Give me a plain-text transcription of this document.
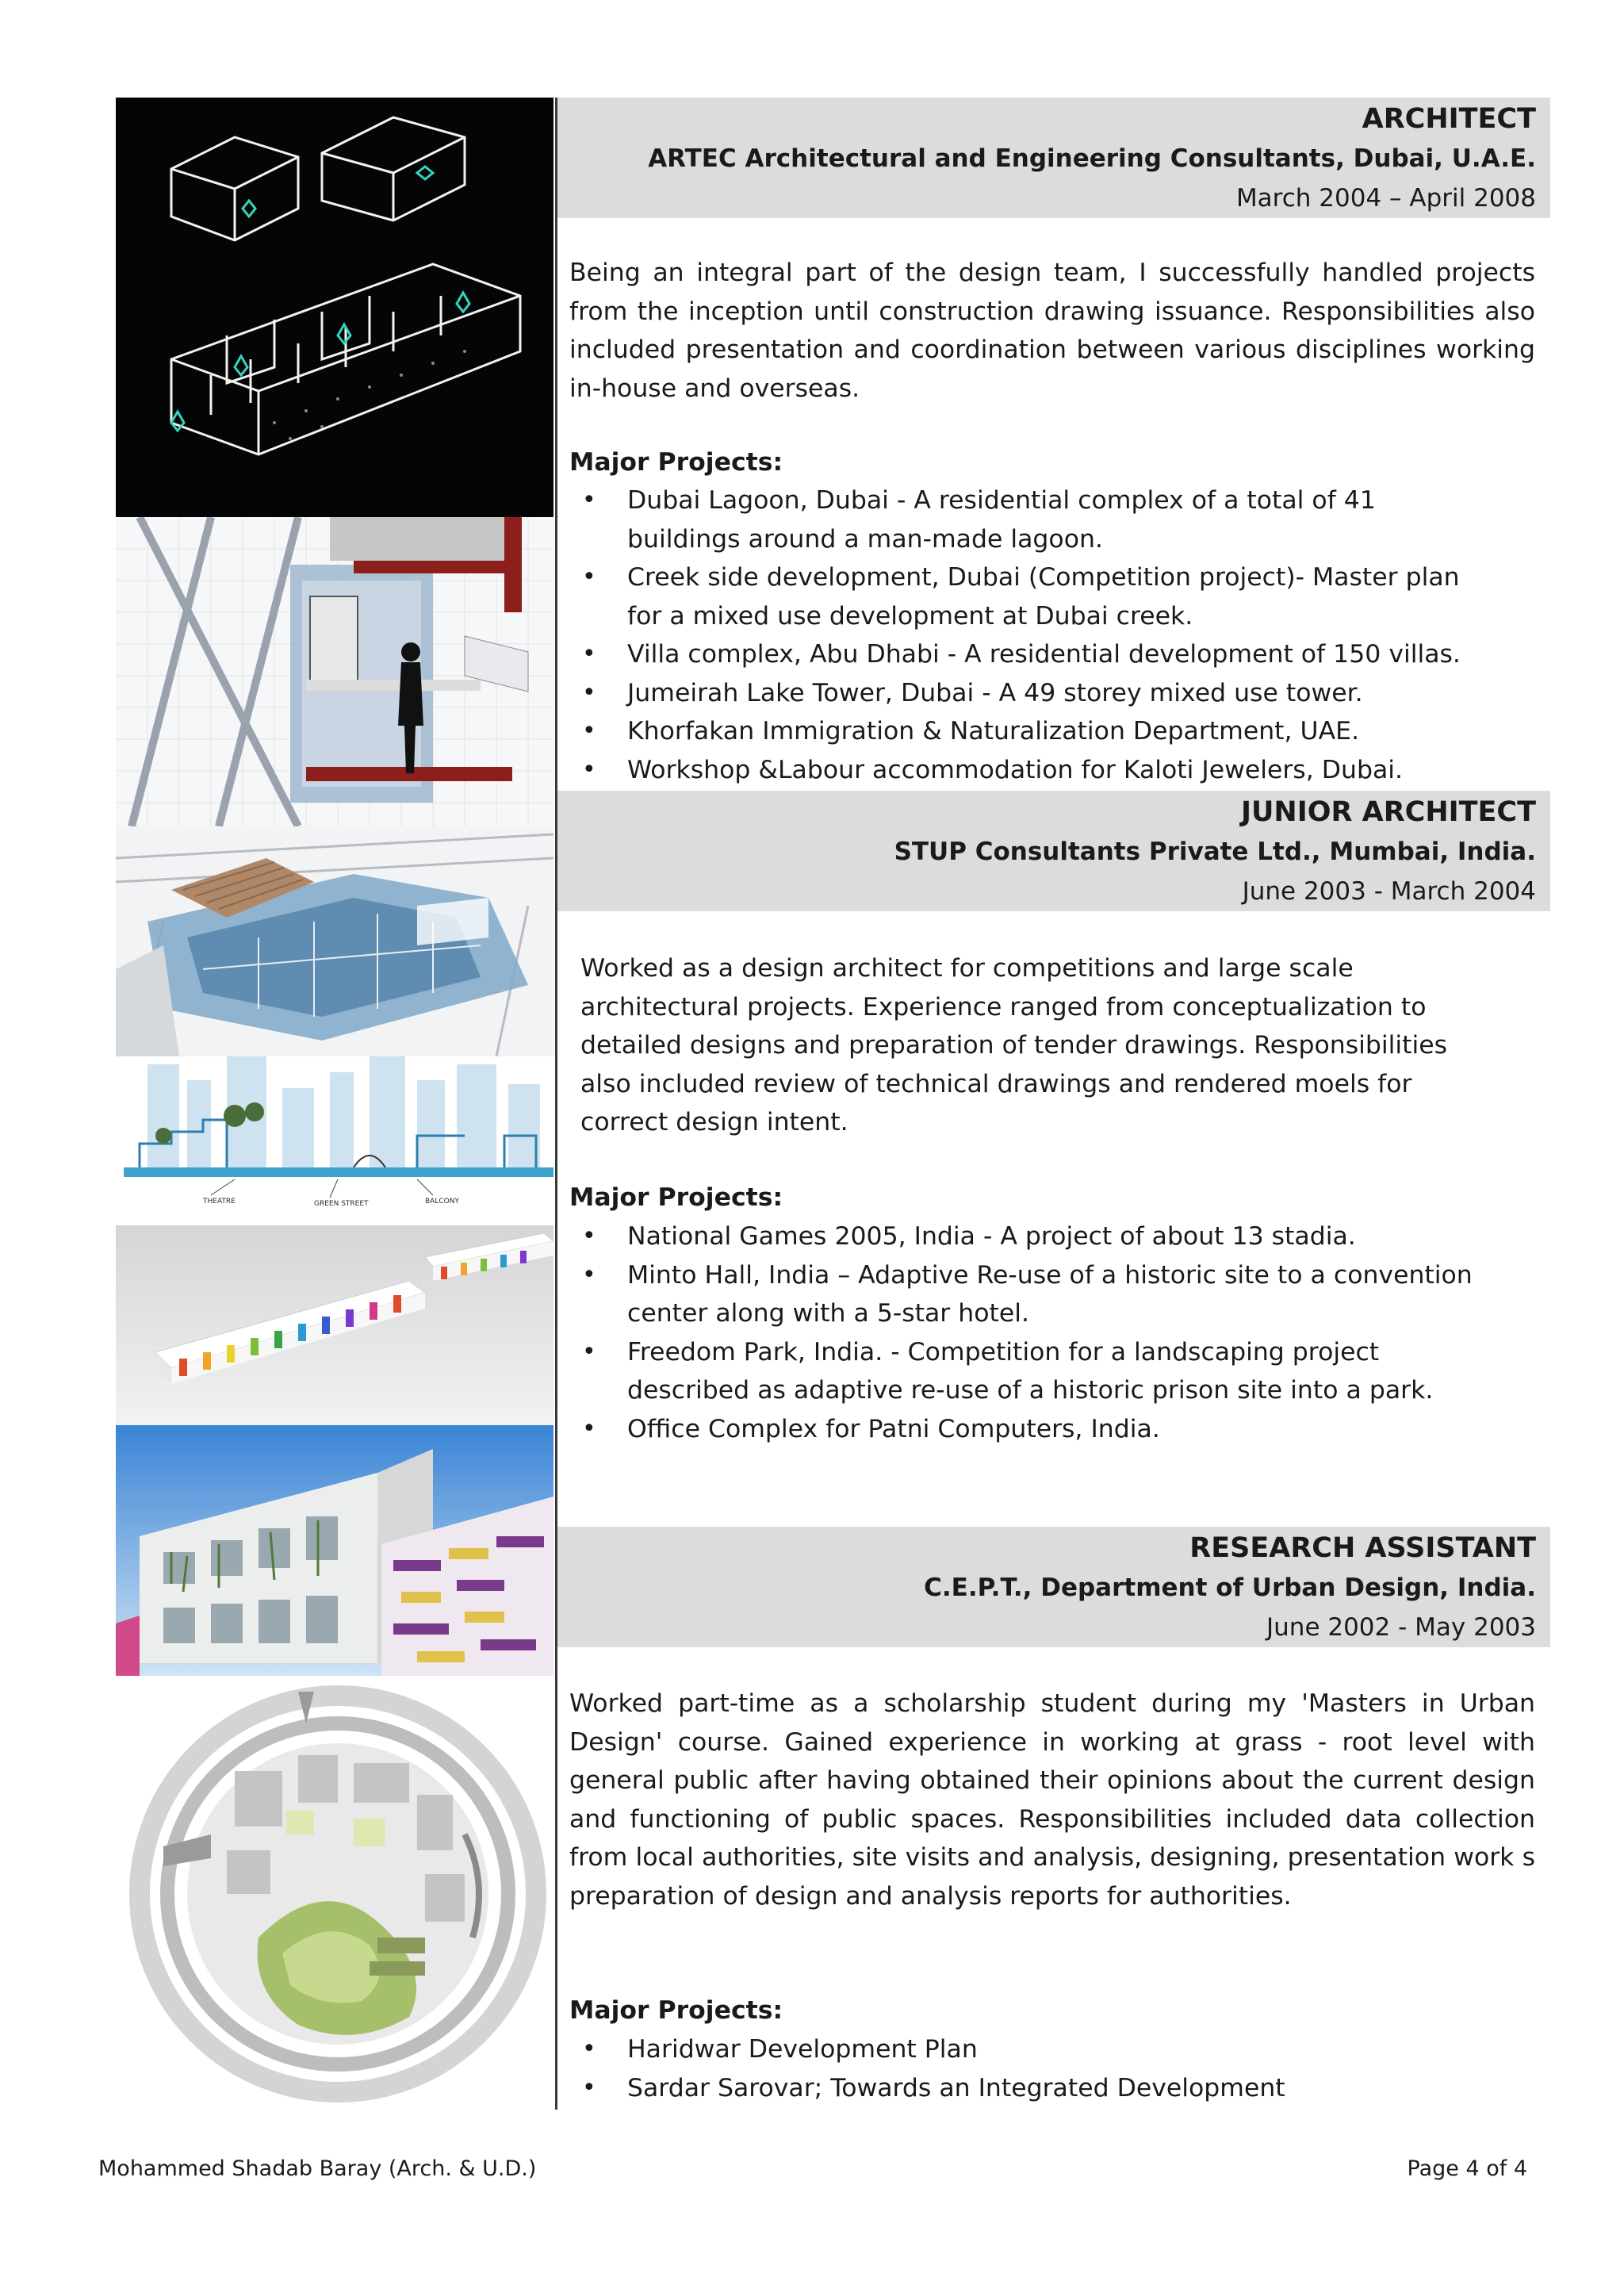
THEATRE	GREEN STREET	BALCONY
ARCHITECT
ARTEC Architectural and Engineering Consultants, Dubai, U.A.E.
March 2004 – April 2008
Being an integral part of the design team, I successfully handled projects from the inception until construction drawing issuance. Responsibilities also included presentation and coordination between various disciplines working in-house and overseas.
Major Projects:
• Dubai Lagoon, Dubai - A residential complex of a total of 41 buildings around a man-made lagoon.
• Creek side development, Dubai (Competition project)- Master plan for a mixed use development at Dubai creek.
• Villa complex, Abu Dhabi - A residential development of 150 villas.
• Jumeirah Lake Tower, Dubai - A 49 storey mixed use tower.
• Khorfakan Immigration & Naturalization Department, UAE.
• Workshop &Labour accommodation for Kaloti Jewelers, Dubai.
JUNIOR ARCHITECT
STUP Consultants Private Ltd., Mumbai, India.
June 2003 - March 2004
Worked as a design architect for competitions and large scale architectural projects. Experience ranged from conceptualization to detailed designs and preparation of tender drawings. Responsibilities also included review of technical drawings and rendered moels for correct design intent.
Major Projects:
• National Games 2005, India - A project of about 13 stadia.
• Minto Hall, India – Adaptive Re-use of a historic site to a convention center along with a 5-star hotel.
• Freedom Park, India. - Competition for a landscaping project described as adaptive re-use of a historic prison site into a park.
• Office Complex for Patni Computers, India.
RESEARCH ASSISTANT
C.E.P.T., Department of Urban Design, India.
June 2002 - May 2003
Worked part-time as a scholarship student during my 'Masters in Urban Design' course. Gained experience in working at grass - root level with general public after having obtained their opinions about the current design and functioning of public spaces. Responsibilities included data collection from local authorities, site visits and analysis, designing, presentation work s preparation of design and analysis reports for authorities.
Major Projects:
• Haridwar Development Plan
• Sardar Sarovar; Towards an Integrated Development
Mohammed Shadab Baray (Arch. & U.D.)	Page 4 of 4
